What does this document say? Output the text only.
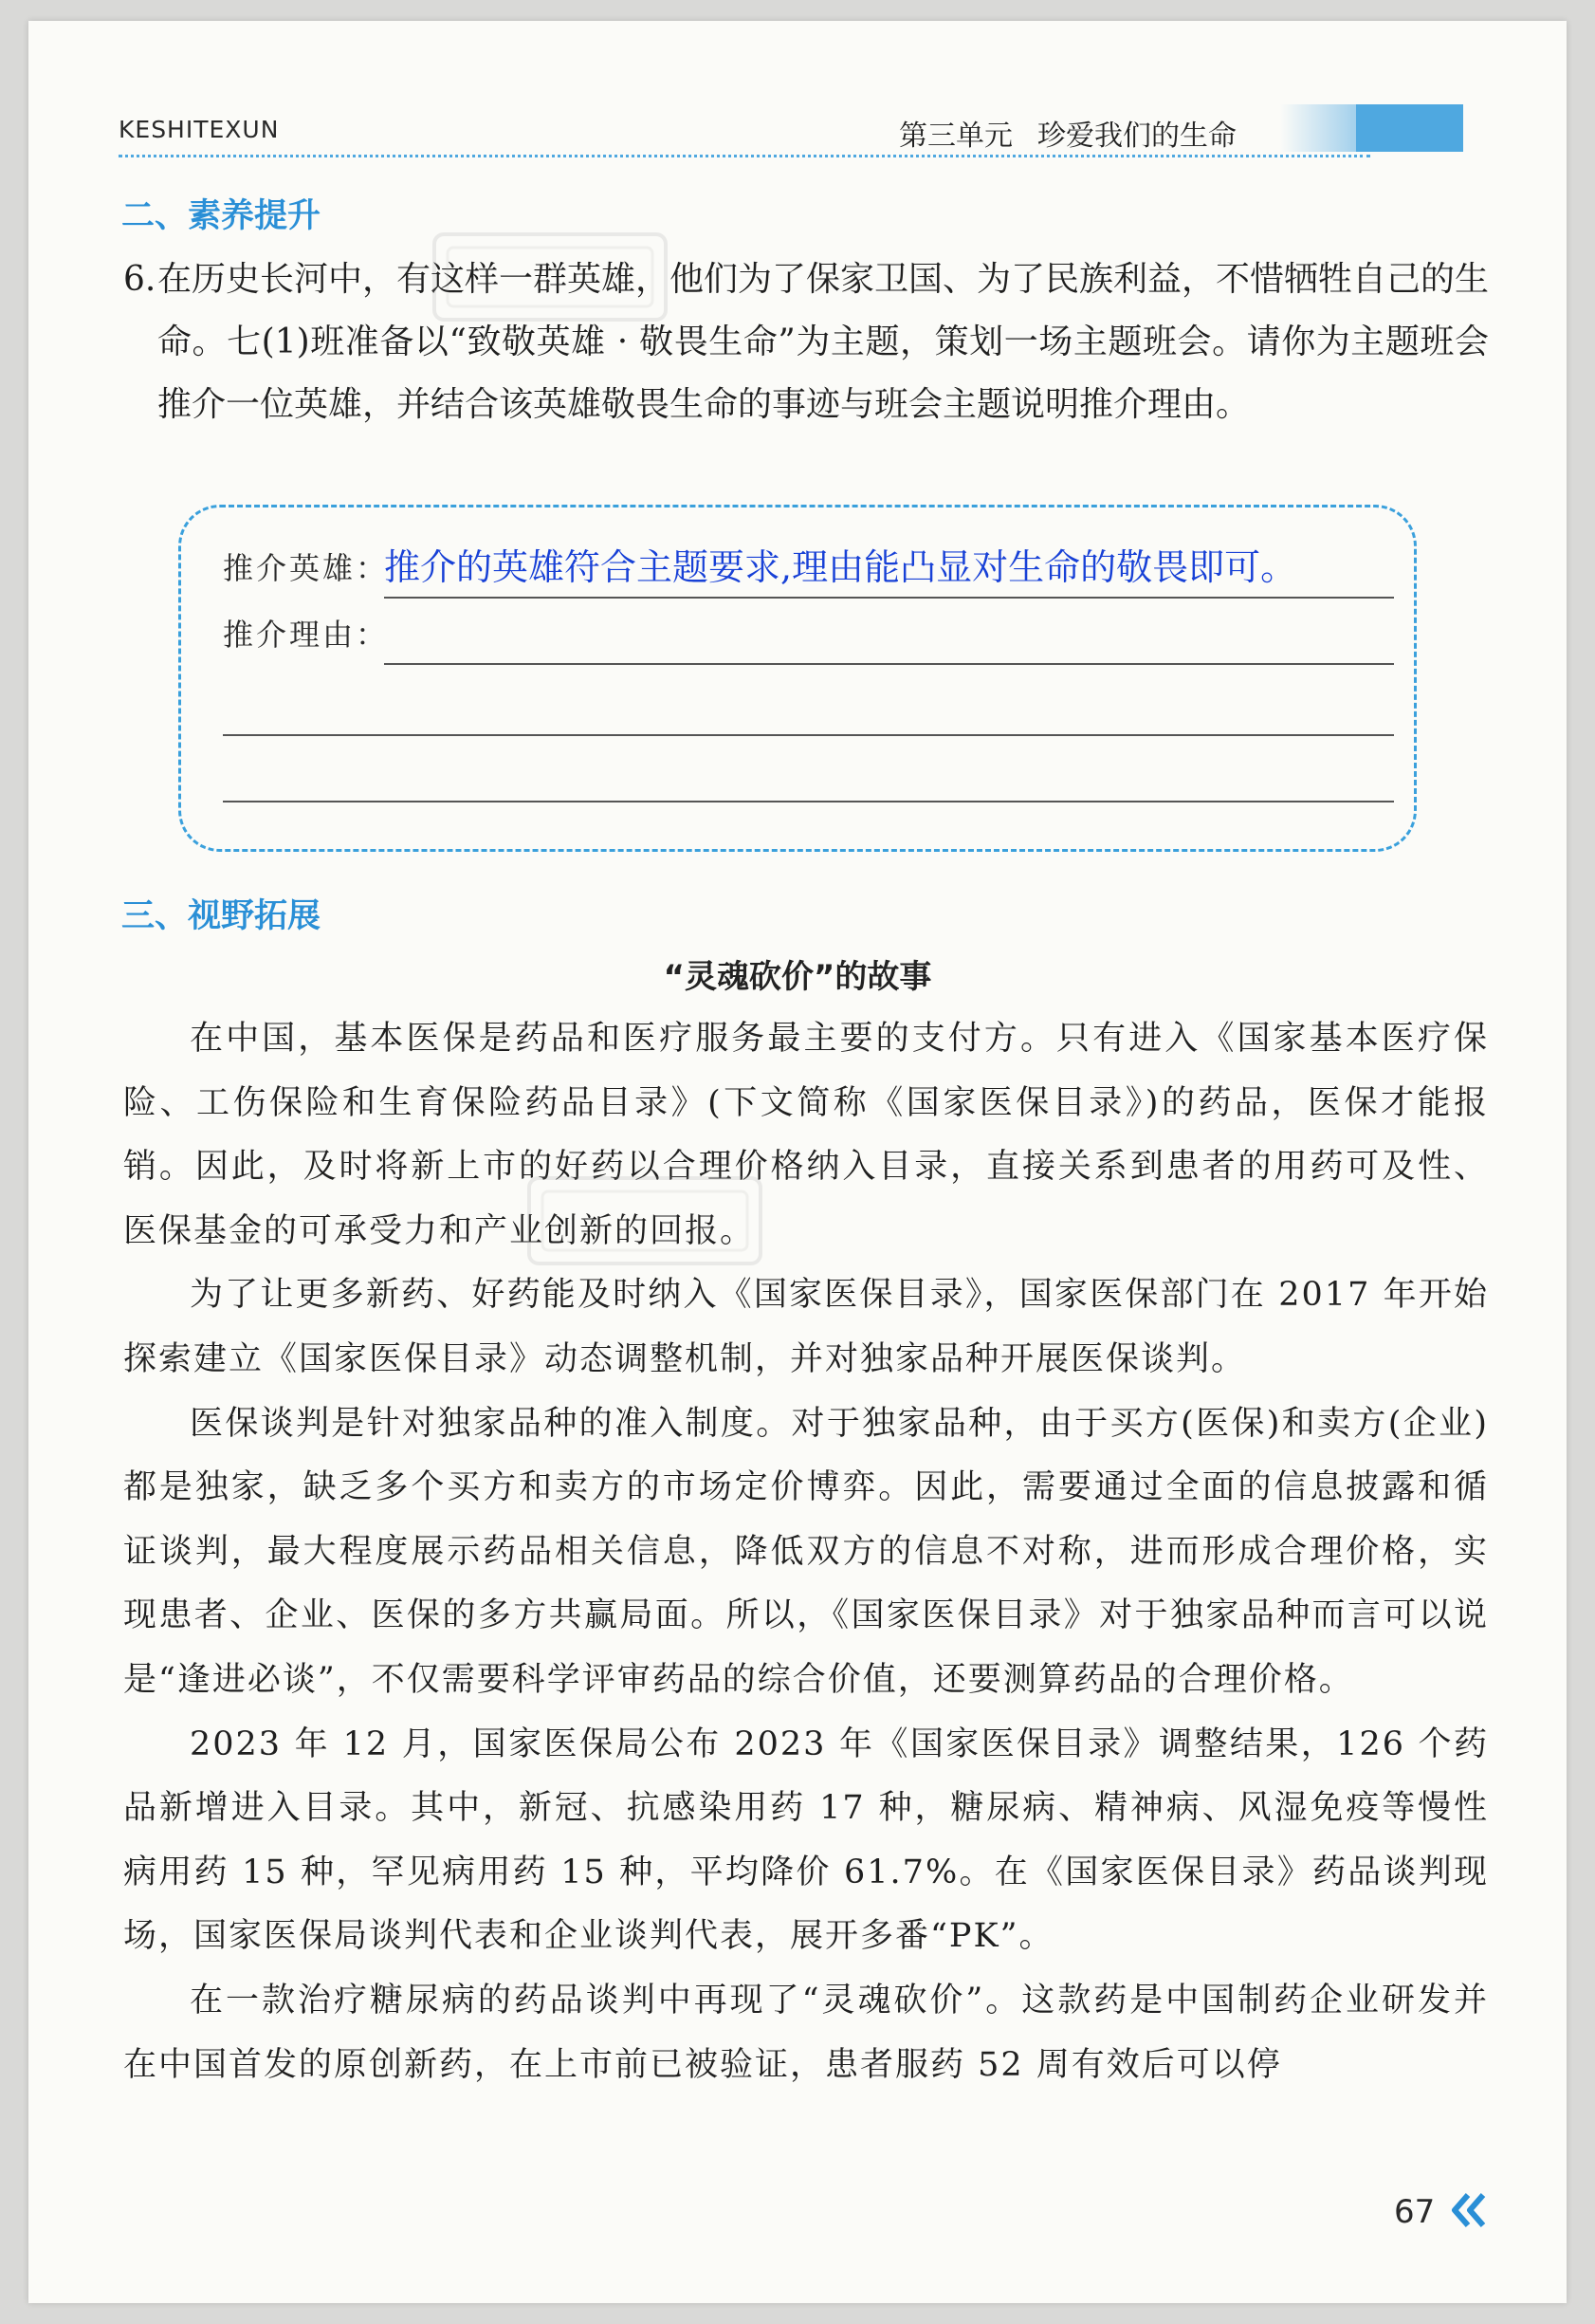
KESHITEXUN	第三单元 珍爱我们的生命
二、素养提升
6. 在历史长河中，有这样一群英雄，他们为了保家卫国、为了民族利益，不惜牺牲自己的生命。七(1)班准备以“致敬英雄 · 敬畏生命”为主题，策划一场主题班会。请你为主题班会推介一位英雄，并结合该英雄敬畏生命的事迹与班会主题说明推介理由。
推介英雄：
推介的英雄符合主题要求,理由能凸显对生命的敬畏即可。
推介理由：
三、视野拓展
“灵魂砍价”的故事

在中国，基本医保是药品和医疗服务最主要的支付方。只有进入《国家基本医疗保险、工伤保险和生育保险药品目录》(下文简称《国家医保目录》)的药品，医保才能报销。因此，及时将新上市的好药以合理价格纳入目录，直接关系到患者的用药可及性、医保基金的可承受力和产业创新的回报。

为了让更多新药、好药能及时纳入《国家医保目录》，国家医保部门在 2017 年开始探索建立《国家医保目录》动态调整机制，并对独家品种开展医保谈判。

医保谈判是针对独家品种的准入制度。对于独家品种，由于买方(医保)和卖方(企业)都是独家，缺乏多个买方和卖方的市场定价博弈。因此，需要通过全面的信息披露和循证谈判，最大程度展示药品相关信息，降低双方的信息不对称，进而形成合理价格，实现患者、企业、医保的多方共赢局面。所以，《国家医保目录》对于独家品种而言可以说是“逢进必谈”，不仅需要科学评审药品的综合价值，还要测算药品的合理价格。

2023 年 12 月，国家医保局公布 2023 年《国家医保目录》调整结果，126 个药品新增进入目录。其中，新冠、抗感染用药 17 种，糖尿病、精神病、风湿免疫等慢性病用药 15 种，罕见病用药 15 种，平均降价 61.7%。在《国家医保目录》药品谈判现场，国家医保局谈判代表和企业谈判代表，展开多番“PK”。

在一款治疗糖尿病的药品谈判中再现了“灵魂砍价”。这款药是中国制药企业研发并在中国首发的原创新药，在上市前已被验证，患者服药 52 周有效后可以停

67
